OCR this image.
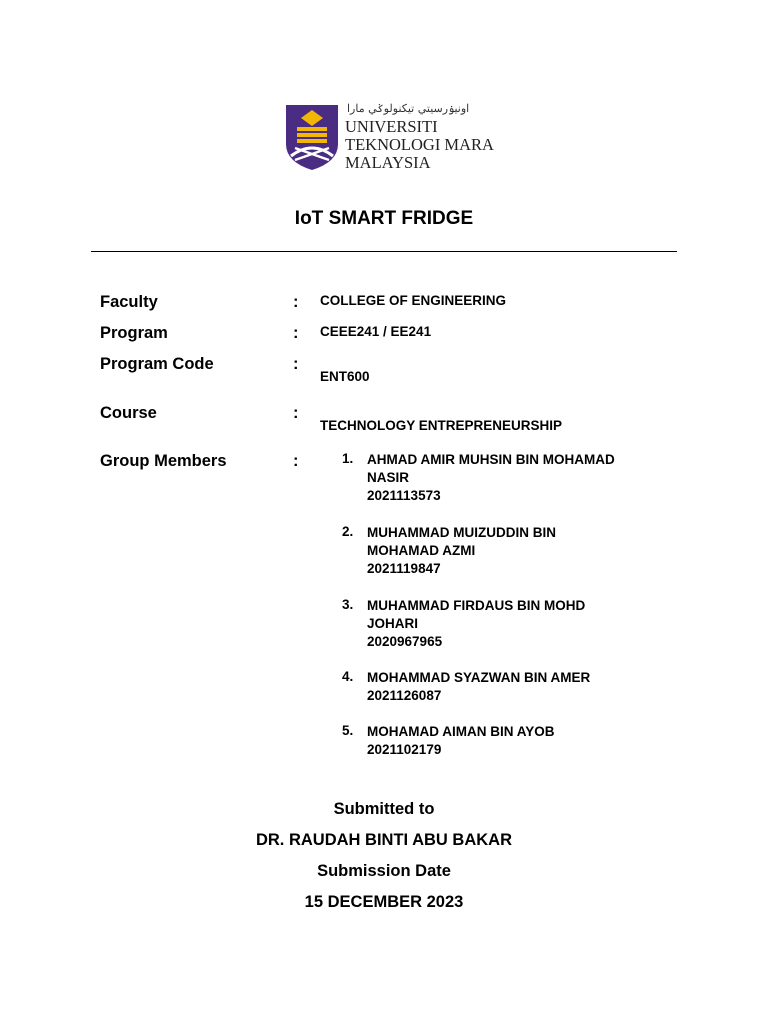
اونيۏرسيتي تيكنولوݢي مارا
UNIVERSITI
TEKNOLOGI MARA
MALAYSIA
IoT SMART FRIDGE
Faculty	: COLLEGE OF ENGINEERING
Program	: CEEE241 / EE241
Program Code	:
ENT600
Course	:
TECHNOLOGY ENTREPRENEURSHIP
Group Members	:	1. AHMAD AMIR MUHSIN BIN MOHAMAD
NASIR
2021113573
2. MUHAMMAD MUIZUDDIN BIN
MOHAMAD AZMI
2021119847
3. MUHAMMAD FIRDAUS BIN MOHD
JOHARI
2020967965
4. MOHAMMAD SYAZWAN BIN AMER
2021126087
5. MOHAMAD AIMAN BIN AYOB
2021102179
Submitted to
DR. RAUDAH BINTI ABU BAKAR
Submission Date
15 DECEMBER 2023
